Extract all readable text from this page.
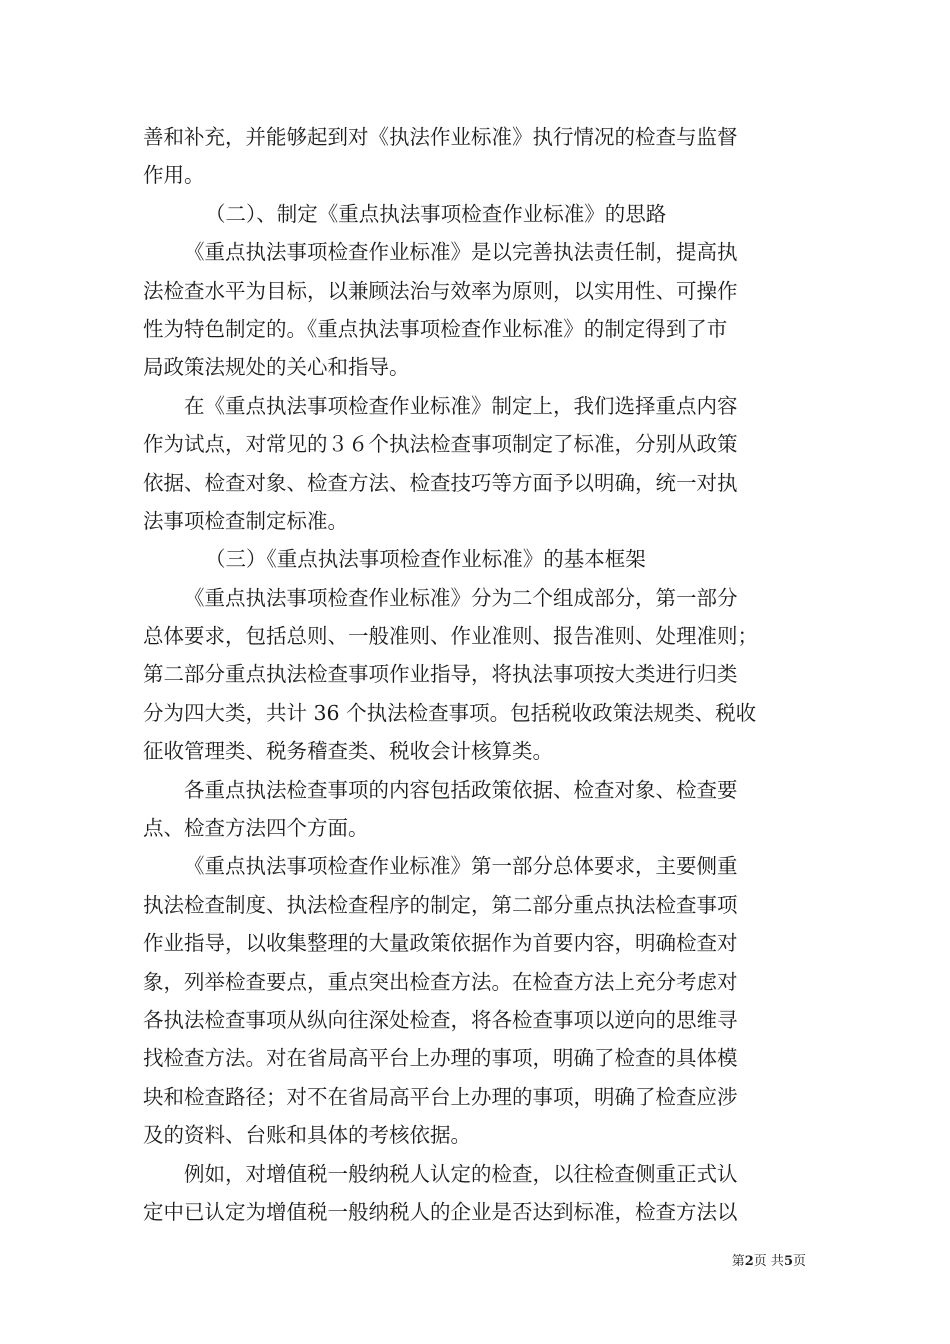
善和补充，并能够起到对《执法作业标准》执行情况的检查与监督
作用。
（二）、制定《重点执法事项检查作业标准》的思路
《重点执法事项检查作业标准》是以完善执法责任制，提高执
法检查水平为目标，以兼顾法治与效率为原则，以实用性、可操作
性为特色制定的。《重点执法事项检查作业标准》的制定得到了市
局政策法规处的关心和指导。
在《重点执法事项检查作业标准》制定上，我们选择重点内容
作为试点，对常见的３６个执法检查事项制定了标准，分别从政策
依据、检查对象、检查方法、检查技巧等方面予以明确，统一对执
法事项检查制定标准。
（三）《重点执法事项检查作业标准》的基本框架
《重点执法事项检查作业标准》分为二个组成部分，第一部分
总体要求，包括总则、一般准则、作业准则、报告准则、处理准则；
第二部分重点执法检查事项作业指导，将执法事项按大类进行归类
分为四大类，共计 36 个执法检查事项。包括税收政策法规类、税收
征收管理类、税务稽查类、税收会计核算类。
各重点执法检查事项的内容包括政策依据、检查对象、检查要
点、检查方法四个方面。
《重点执法事项检查作业标准》第一部分总体要求，主要侧重
执法检查制度、执法检查程序的制定，第二部分重点执法检查事项
作业指导，以收集整理的大量政策依据作为首要内容，明确检查对
象，列举检查要点，重点突出检查方法。在检查方法上充分考虑对
各执法检查事项从纵向往深处检查，将各检查事项以逆向的思维寻
找检查方法。对在省局高平台上办理的事项，明确了检查的具体模
块和检查路径；对不在省局高平台上办理的事项，明确了检查应涉
及的资料、台账和具体的考核依据。
例如，对增值税一般纳税人认定的检查，以往检查侧重正式认
定中已认定为增值税一般纳税人的企业是否达到标准，检查方法以
第2页 共5页
